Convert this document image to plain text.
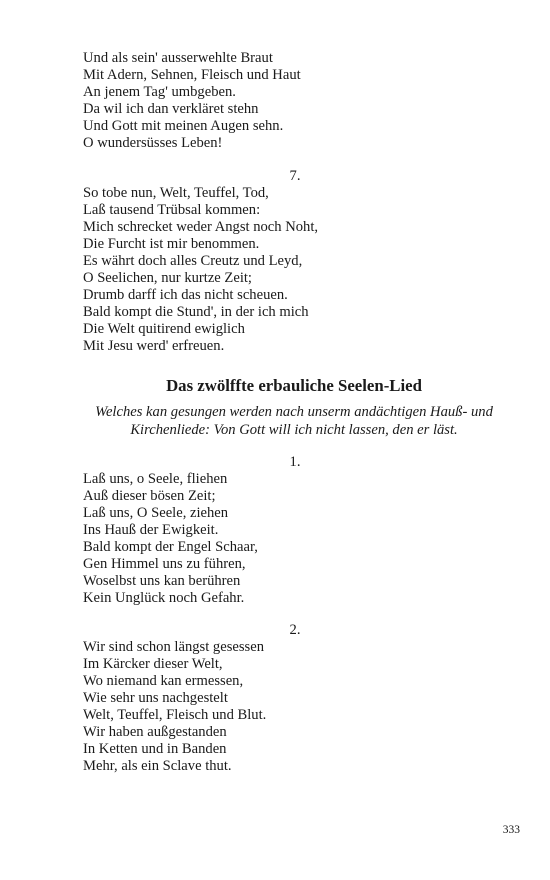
Und als sein' ausserwehlte Braut
Mit Adern, Sehnen, Fleisch und Haut
An jenem Tag' umbgeben.
Da wil ich dan verkläret stehn
Und Gott mit meinen Augen sehn.
O wundersüsses Leben!
7.
So tobe nun, Welt, Teuffel, Tod,
Laß tausend Trübsal kommen:
Mich schrecket weder Angst noch Noht,
Die Furcht ist mir benommen.
Es währt doch alles Creutz und Leyd,
O Seelichen, nur kurtze Zeit;
Drumb darff ich das nicht scheuen.
Bald kompt die Stund', in der ich mich
Die Welt quitirend ewiglich
Mit Jesu werd' erfreuen.
Das zwölffte erbauliche Seelen-Lied
Welches kan gesungen werden nach unserm andächtigen Hauß- und Kirchenliede: Von Gott will ich nicht lassen, den er läst.
1.
Laß uns, o Seele, fliehen
Auß dieser bösen Zeit;
Laß uns, O Seele, ziehen
Ins Hauß der Ewigkeit.
Bald kompt der Engel Schaar,
Gen Himmel uns zu führen,
Woselbst uns kan berühren
Kein Unglück noch Gefahr.
2.
Wir sind schon längst gesessen
Im Kärcker dieser Welt,
Wo niemand kan ermessen,
Wie sehr uns nachgestelt
Welt, Teuffel, Fleisch und Blut.
Wir haben außgestanden
In Ketten und in Banden
Mehr, als ein Sclave thut.
333
